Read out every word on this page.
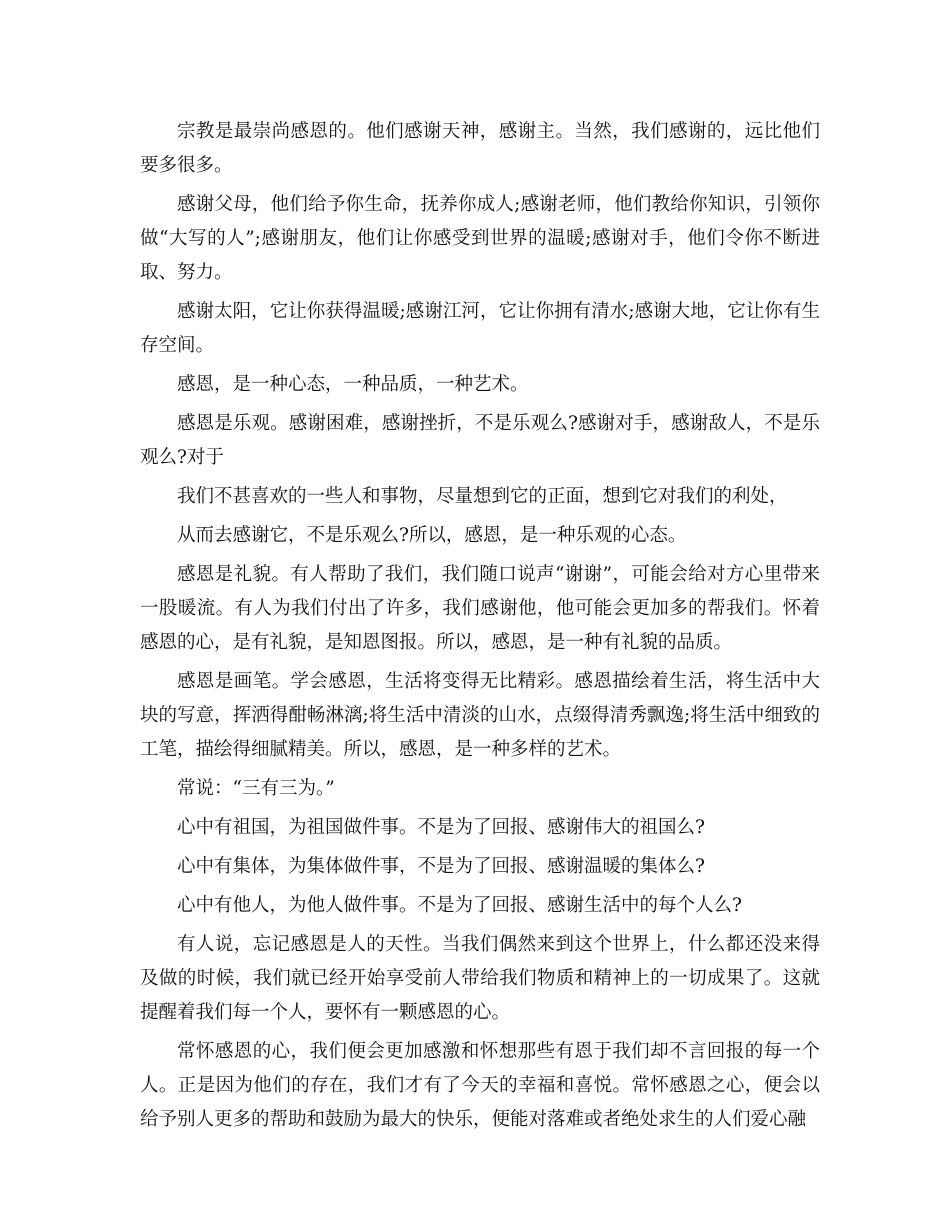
宗教是最崇尚感恩的。他们感谢天神，感谢主。当然，我们感谢的，远比他们要多很多。

感谢父母，他们给予你生命，抚养你成人;感谢老师，他们教给你知识，引领你做“大写的人”;感谢朋友，他们让你感受到世界的温暖;感谢对手，他们令你不断进取、努力。

感谢太阳，它让你获得温暖;感谢江河，它让你拥有清水;感谢大地，它让你有生存空间。

感恩，是一种心态，一种品质，一种艺术。

感恩是乐观。感谢困难，感谢挫折，不是乐观么?感谢对手，感谢敌人，不是乐观么?对于

我们不甚喜欢的一些人和事物，尽量想到它的正面，想到它对我们的利处，

从而去感谢它，不是乐观么?所以，感恩，是一种乐观的心态。

感恩是礼貌。有人帮助了我们，我们随口说声“谢谢”，可能会给对方心里带来一股暖流。有人为我们付出了许多，我们感谢他，他可能会更加多的帮我们。怀着感恩的心，是有礼貌，是知恩图报。所以，感恩，是一种有礼貌的品质。

感恩是画笔。学会感恩，生活将变得无比精彩。感恩描绘着生活，将生活中大块的写意，挥洒得酣畅淋漓;将生活中清淡的山水，点缀得清秀飘逸;将生活中细致的工笔，描绘得细腻精美。所以，感恩，是一种多样的艺术。

常说：“三有三为。”

心中有祖国，为祖国做件事。不是为了回报、感谢伟大的祖国么?

心中有集体，为集体做件事，不是为了回报、感谢温暖的集体么?

心中有他人，为他人做件事。不是为了回报、感谢生活中的每个人么?

有人说，忘记感恩是人的天性。当我们偶然来到这个世界上，什么都还没来得及做的时候，我们就已经开始享受前人带给我们物质和精神上的一切成果了。这就提醒着我们每一个人，要怀有一颗感恩的心。

常怀感恩的心，我们便会更加感激和怀想那些有恩于我们却不言回报的每一个人。正是因为他们的存在，我们才有了今天的幸福和喜悦。常怀感恩之心，便会以给予别人更多的帮助和鼓励为最大的快乐，便能对落难或者绝处求生的人们爱心融
